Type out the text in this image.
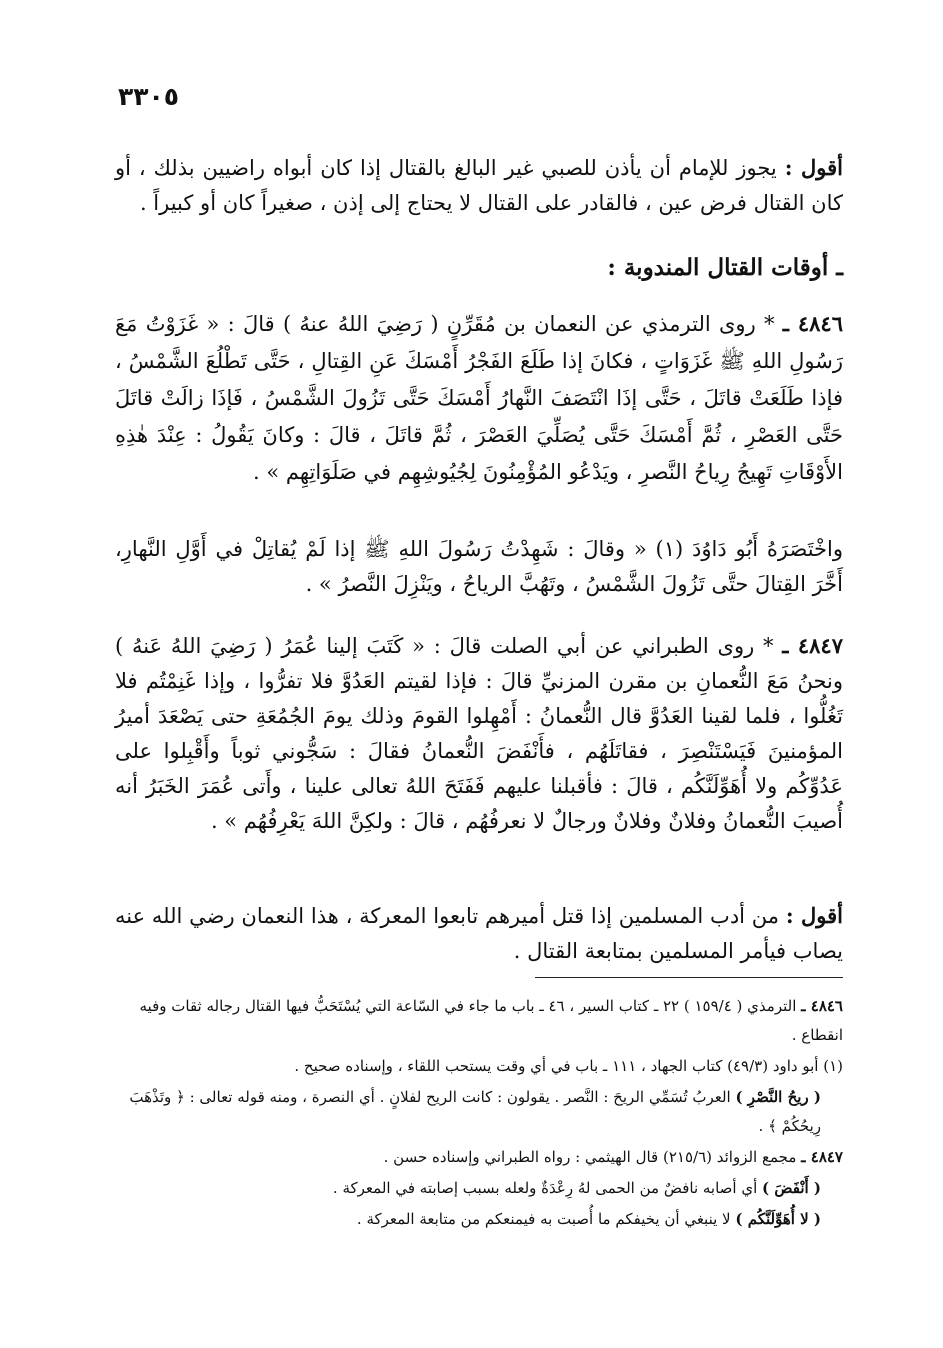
٣٣٠٥

أقول : يجوز للإمام أن يأذن للصبي غير البالغ بالقتال إذا كان أبواه راضيين بذلك ، أو كان القتال فرض عين ، فالقادر على القتال لا يحتاج إلى إذن ، صغيراً كان أو كبيراً .

ـ أوقات القتال المندوبة :

٤٨٤٦ ـ * روى الترمذي عن النعمان بن مُقَرِّنٍ ( رَضِيَ اللهُ عنهُ ) قالَ : « غَزَوْتُ مَعَ رَسُولِ اللهِ ﷺ غَزَوَاتٍ ، فكانَ إذا طَلَعَ الفَجْرُ أَمْسَكَ عَنِ القِتالِ ، حَتَّى تَطْلُعَ الشَّمْسُ ، فإذا طَلَعَتْ قاتَلَ ، حَتَّى إذَا انْتَصَفَ النَّهارُ أَمْسَكَ حَتَّى تَزُولَ الشَّمْسُ ، فَإذَا زالَتْ قاتَلَ حَتَّى العَصْرِ ، ثُمَّ أَمْسَكَ حَتَّى يُصَلِّيَ العَصْرَ ، ثُمَّ قاتَلَ ، قالَ : وكانَ يَقُولُ : عِنْدَ هٰذِهِ الأَوْقَاتِ تَهِيجُ رِياحُ النَّصرِ ، ويَدْعُو المُؤْمِنُونَ لِجُيُوشِهِم في صَلَوَاتِهِم » .

واخْتَصَرَهُ أَبُو دَاوُدَ (١) « وقالَ : شَهِدْتُ رَسُولَ اللهِ ﷺ إذا لَمْ يُقاتِلْ في أَوَّلِ النَّهارِ، أَخَّرَ القِتالَ حتَّى تَزُولَ الشَّمْسُ ، وتَهُبَّ الرياحُ ، ويَنْزِلَ النَّصرُ » .

٤٨٤٧ ـ * روى الطبراني عن أبي الصلت قالَ : « كَتَبَ إلينا عُمَرُ ( رَضِيَ اللهُ عَنهُ ) ونحنُ مَعَ النُّعمانِ بن مقرن المزنيِّ قالَ : فإذا لقيتم العَدُوَّ فلا تفرُّوا ، وإذا غَنِمْتُم فلا تَغُلُّوا ، فلما لقينا العَدُوَّ قال النُّعمانُ : أَمْهِلوا القومَ وذلك يومَ الجُمُعَةِ حتى يَصْعَدَ أميرُ المؤمنينَ فَيَسْتَنْصِرَ ، فقاتَلَهُم ، فأَنْفَضَ النُّعمانُ فقالَ : سَجُّوني ثوباً وأَقْبِلوا على عَدُوِّكُم ولا أُهَوِّلَنَّكُم ، قالَ : فأقبلنا عليهم فَفَتَحَ اللهُ تعالى علينا ، وأَتى عُمَرَ الخَبَرُ أنه أُصيبَ النُّعمانُ وفلانٌ وفلانٌ ورجالٌ لا نعرفُهُم ، قالَ : ولكِنَّ اللهَ يَعْرِفُهُم » .

أقول : من أدب المسلمين إذا قتل أميرهم تابعوا المعركة ، هذا النعمان رضي الله عنه يصاب فيأمر المسلمين بمتابعة القتال .

٤٨٤٦ ـ الترمذي ( ١٥٩/٤ ) ٢٢ ـ كتاب السير ، ٤٦ ـ باب ما جاء في السّاعة التي يُسْتَحَبُّ فيها القتال رجاله ثقات وفيه انقطاع .

(١) أبو داود (٤٩/٣) كتاب الجهاد ، ١١١ ـ باب في أي وقت يستحب اللقاء ، وإسناده صحيح .

( ريحُ النَّصْرِ ) العربُ تُسَمِّي الريحَ : النَّصر . يقولون : كانت الريح لفلانٍ . أي النصرة ، ومنه قوله تعالى : ﴿ وتَذْهَبَ رِيحُكُمْ ﴾ .

٤٨٤٧ ـ مجمع الزوائد (٢١٥/٦) قال الهيثمي : رواه الطبراني وإسناده حسن .

( أَنْفَضَ ) أي أصابه نافضٌ من الحمى لهُ رِعْدَةٌ ولعله بسبب إصابته في المعركة .

( لا أُهَوِّلَنَّكُم ) لا ينبغي أن يخيفكم ما أُصبت به فيمنعكم من متابعة المعركة .
